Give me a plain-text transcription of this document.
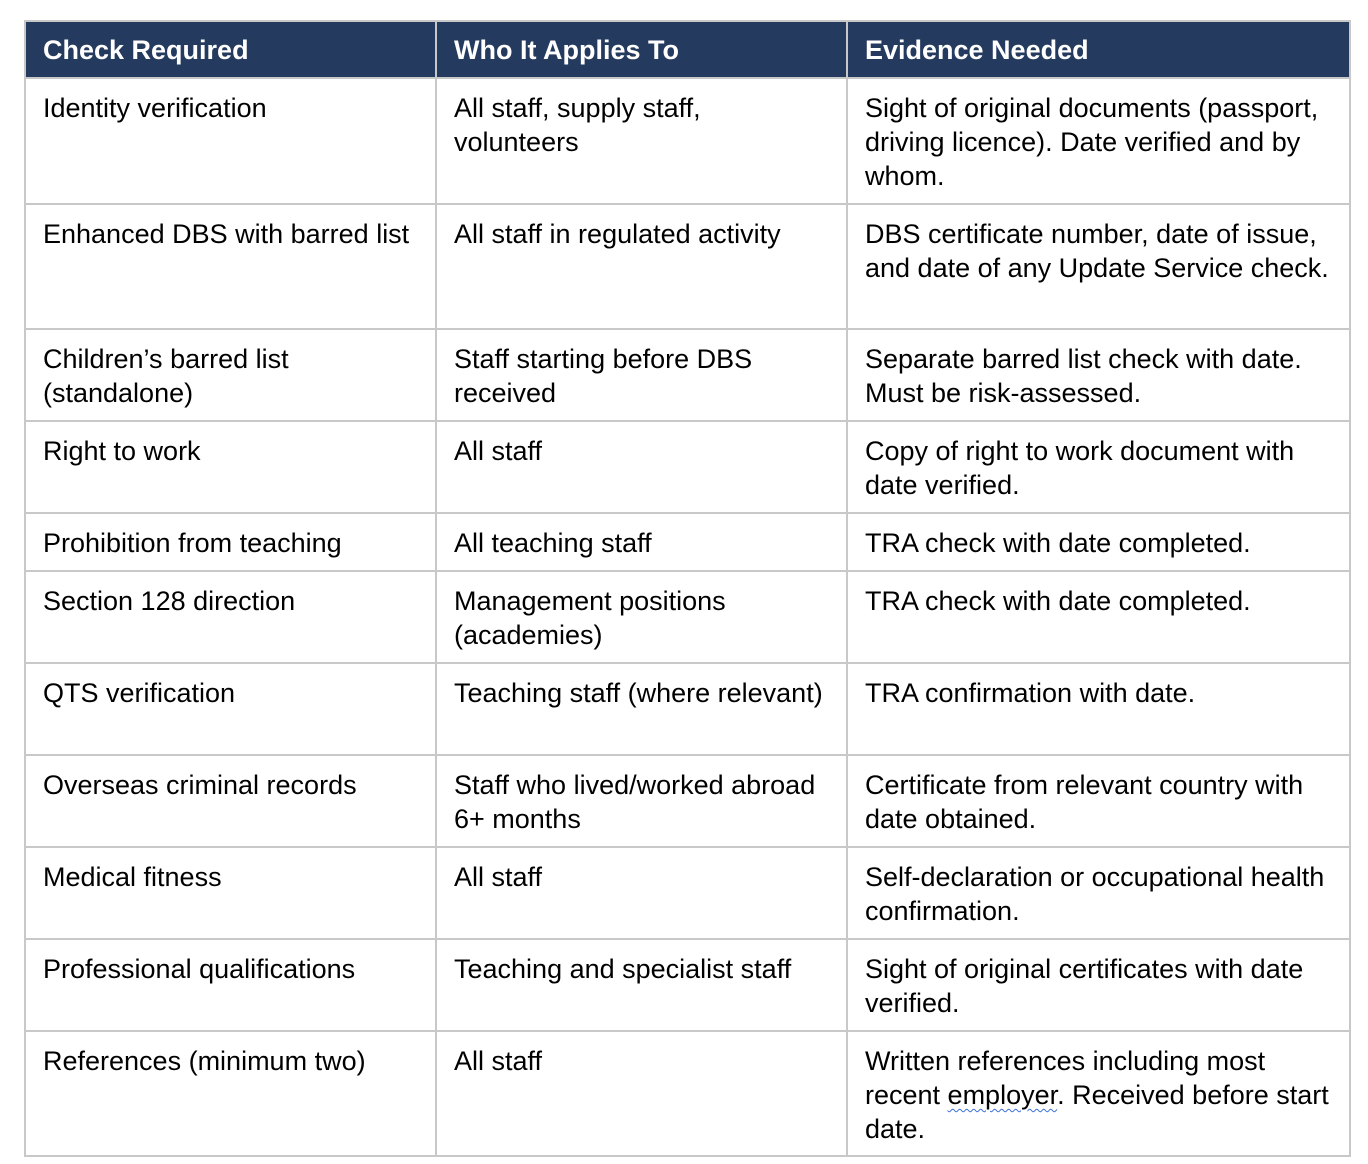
Check Required	Who It Applies To	Evidence Needed
Identity verification	All staff, supply staff, volunteers	Sight of original documents (passport, driving licence). Date verified and by whom.
Enhanced DBS with barred list	All staff in regulated activity	DBS certificate number, date of issue, and date of any Update Service check.
Children’s barred list (standalone)	Staff starting before DBS received	Separate barred list check with date. Must be risk-assessed.
Right to work	All staff	Copy of right to work document with date verified.
Prohibition from teaching	All teaching staff	TRA check with date completed.
Section 128 direction	Management positions (academies)	TRA check with date completed.
QTS verification	Teaching staff (where relevant)	TRA confirmation with date.
Overseas criminal records	Staff who lived/worked abroad 6+ months	Certificate from relevant country with date obtained.
Medical fitness	All staff	Self-declaration or occupational health confirmation.
Professional qualifications	Teaching and specialist staff	Sight of original certificates with date verified.
References (minimum two)	All staff	Written references including most recent employer. Received before start date.
